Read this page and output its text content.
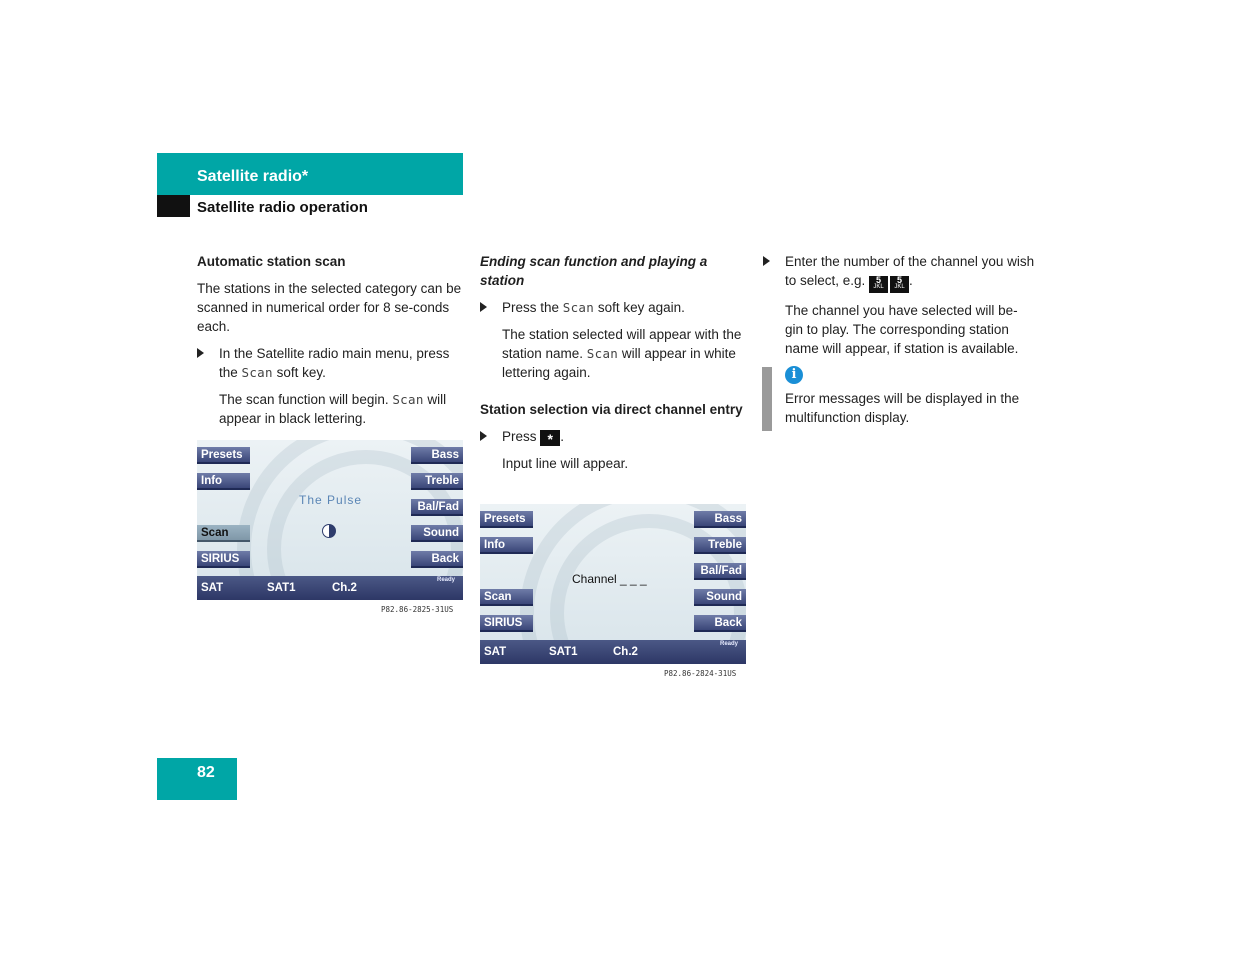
Satellite radio*
Satellite radio operation

Automatic station scan

The stations in the selected category can be scanned in numerical order for 8 se-conds each.

In the Satellite radio main menu, press the Scan soft key.

The scan function will begin. Scan will appear in black lettering.

Presets
Info
Scan
SIRIUS
Bass
Treble
Bal/Fad
Sound
Back
The Pulse
SAT	SAT1	Ch.2
Ready
P82.86-2825-31US

Ending scan function and playing a station

Press the Scan soft key again.

The station selected will appear with the station name. Scan will appear in white lettering again.

Station selection via direct channel entry

Press * .

Input line will appear.

Presets
Info
Scan
SIRIUS
Bass
Treble
Bal/Fad
Sound
Back
Channel _ _ _
SAT	SAT1	Ch.2
Ready
P82.86-2824-31US

Enter the number of the channel you wish to select, e.g. 5
JKL
5
JKL .

The channel you have selected will be-gin to play. The corresponding station name will appear, if station is available.

i
Error messages will be displayed in the multifunction display.
82
